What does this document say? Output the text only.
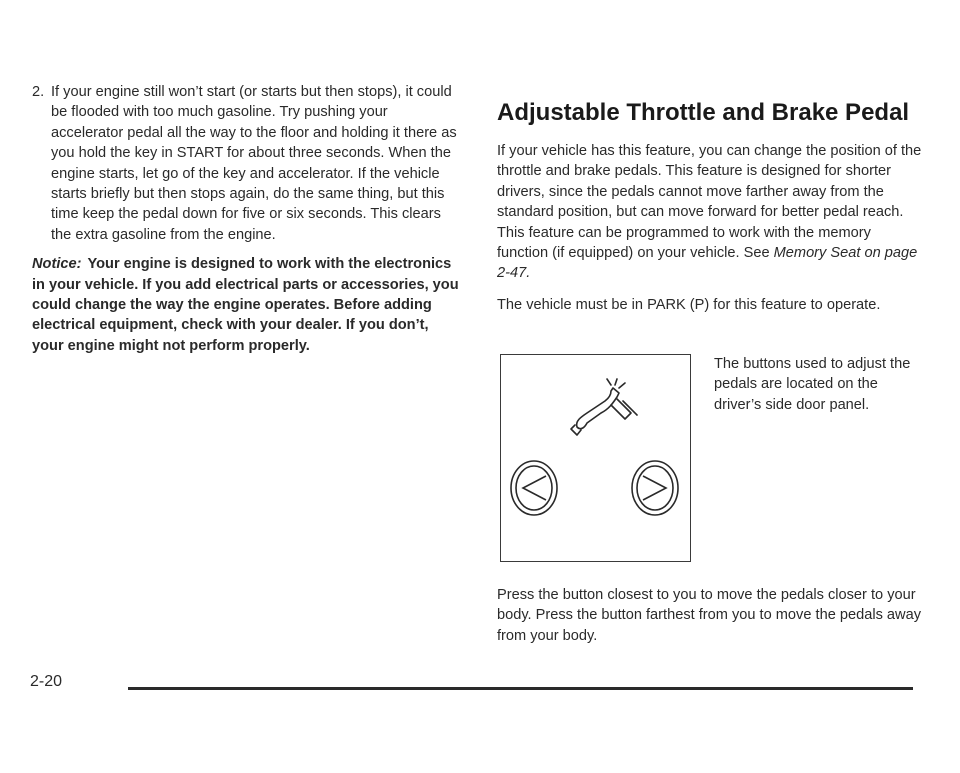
2. If your engine still won’t start (or starts but then stops), it could be flooded with too much gasoline. Try pushing your accelerator pedal all the way to the floor and holding it there as you hold the key in START for about three seconds. When the engine starts, let go of the key and accelerator. If the vehicle starts briefly but then stops again, do the same thing, but this time keep the pedal down for five or six seconds. This clears the extra gasoline from the engine.
Notice: Your engine is designed to work with the electronics in your vehicle. If you add electrical parts or accessories, you could change the way the engine operates. Before adding electrical equipment, check with your dealer. If you don’t, your engine might not perform properly.
Adjustable Throttle and Brake Pedal

If your vehicle has this feature, you can change the position of the throttle and brake pedals. This feature is designed for shorter drivers, since the pedals cannot move farther away from the standard position, but can move forward for better pedal reach. This feature can be programmed to work with the memory function (if equipped) on your vehicle. See Memory Seat on page 2-47.

The vehicle must be in PARK (P) for this feature to operate.

The buttons used to adjust the pedals are located on the driver’s side door panel.

Press the button closest to you to move the pedals closer to your body. Press the button farthest from you to move the pedals away from your body.

2-20
